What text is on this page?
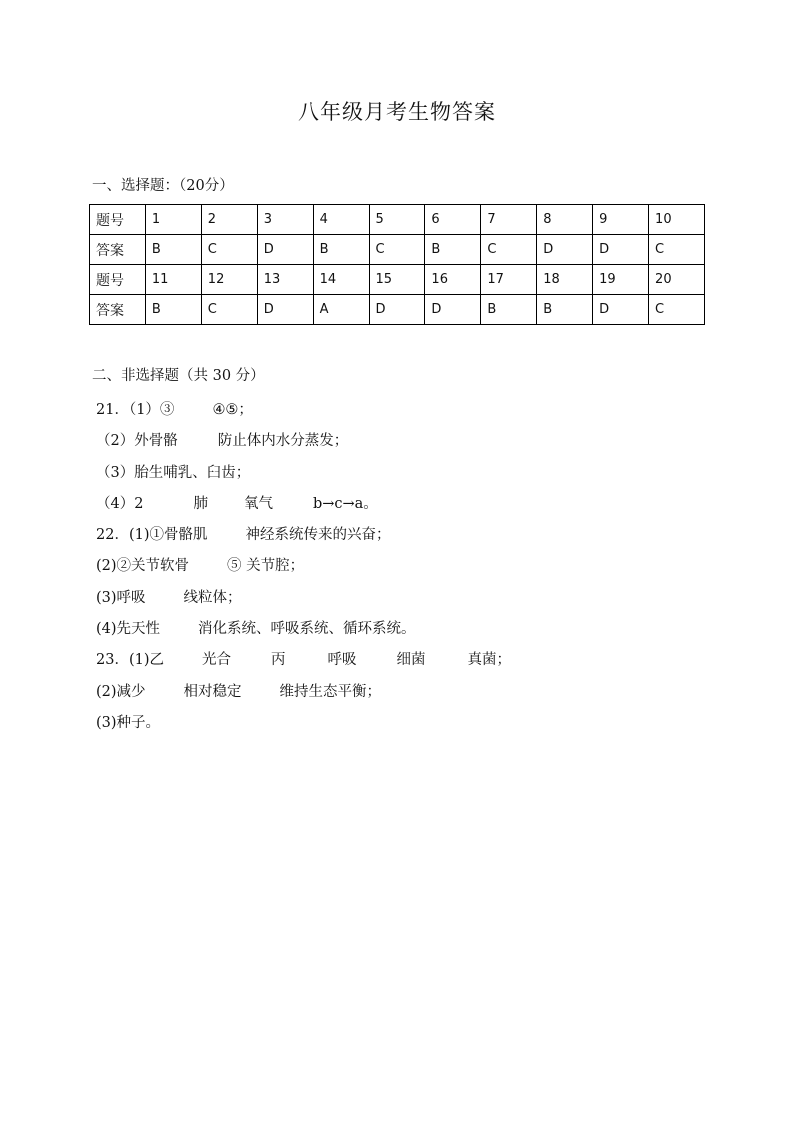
八年级月考生物答案
一、选择题：（20分）
题号	1	2	3	4	5	6	7	8	9	10
答案	B	C	D	B	C	B	C	D	D	C
题号	11	12	13	14	15	16	17	18	19	20
答案	B	C	D	A	D	D	B	B	D	C
二、非选择题（共 30 分）
21．（1）③	④⑤；
（2）外骨骼	防止体内水分蒸发；
（3）胎生哺乳、臼齿；
（4）2	肺 氧气	b→c→a。
22．(1)①骨骼肌	神经系统传来的兴奋；
(2)②关节软骨	⑤ 关节腔；
(3)呼吸	线粒体；
(4)先天性	消化系统、呼吸系统、循环系统。
23．(1)乙	光合	丙	呼吸	细菌	真菌；
(2)减少	相对稳定	维持生态平衡；
(3)种子。
